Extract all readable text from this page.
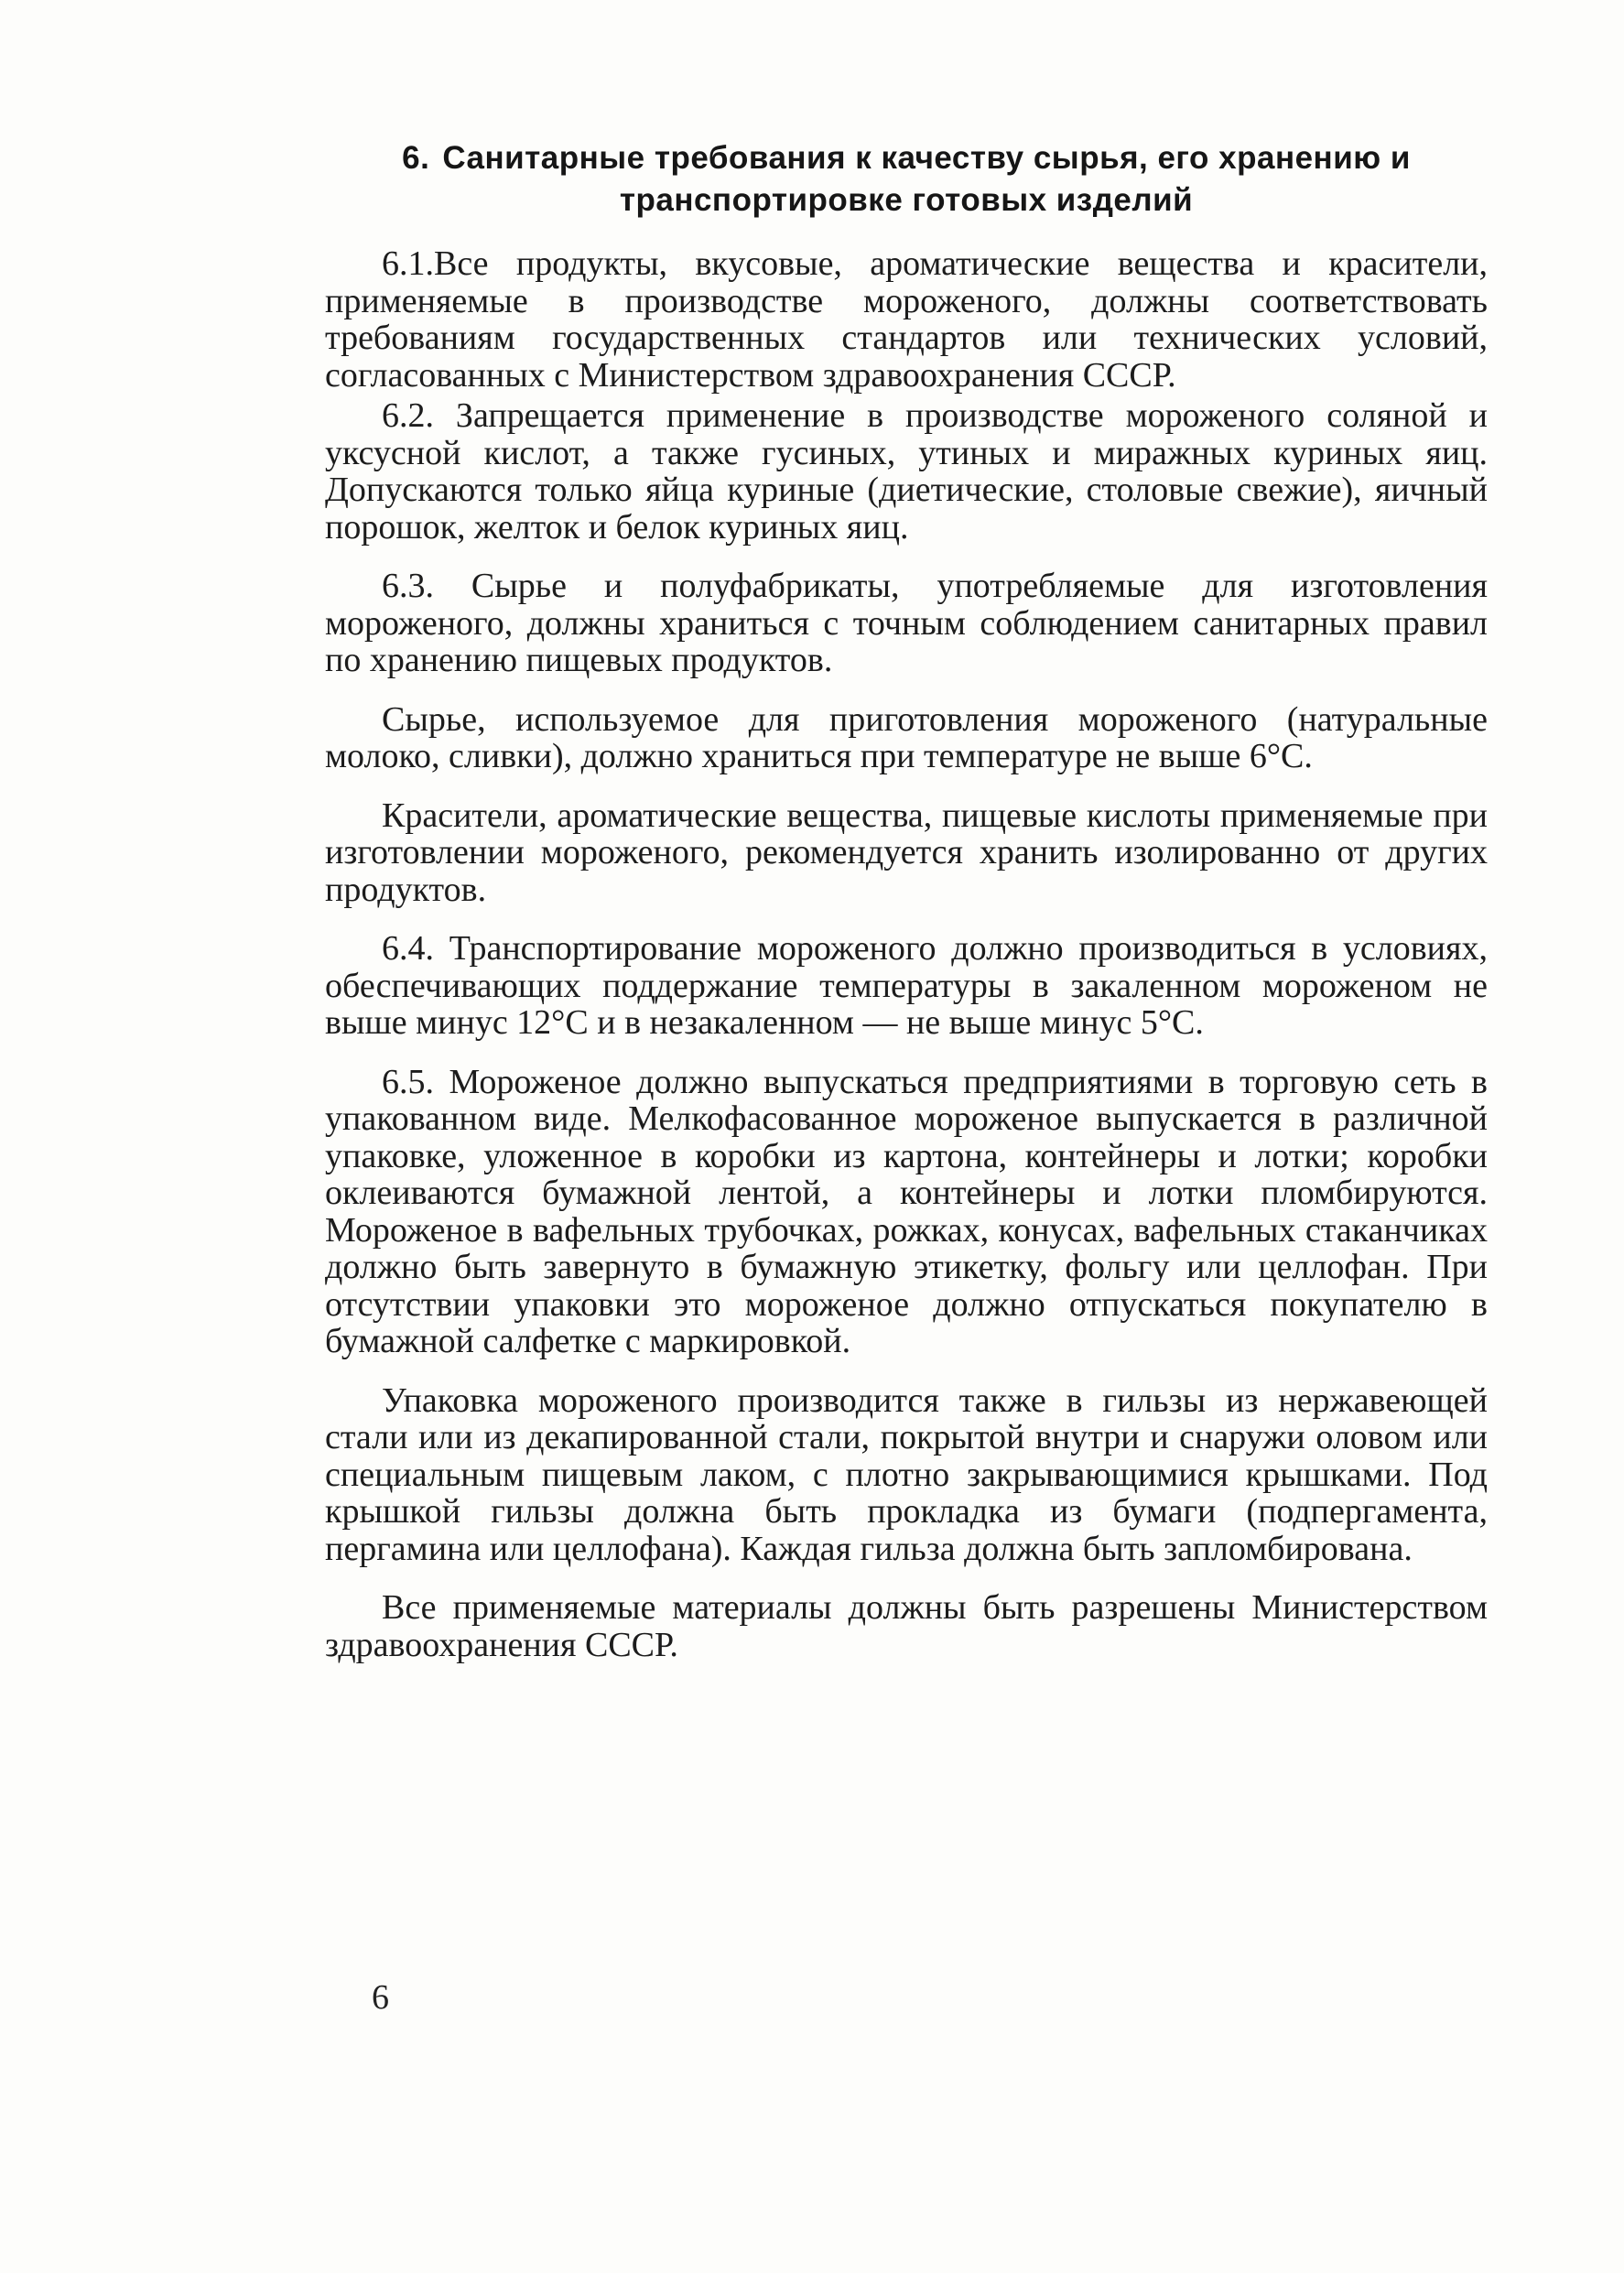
6. Санитарные требования к качеству сырья, его хранению и транспортировке готовых изделий

6.1.Все продукты, вкусовые, ароматические вещества и красители, применяемые в производстве мороженого, должны соответствовать требованиям государственных стандартов или технических условий, согласованных с Министерством здравоохранения СССР.

6.2. Запрещается применение в производстве мороженого соляной и уксусной кислот, а также гусиных, утиных и миражных куриных яиц. Допускаются только яйца куриные (диетические, столовые свежие), яичный порошок, желток и белок куриных яиц.

6.3. Сырье и полуфабрикаты, употребляемые для изготовления мороженого, должны храниться с точным соблюдением санитарных правил по хранению пищевых продуктов.

Сырье, используемое для приготовления мороженого (натуральные молоко, сливки), должно храниться при температуре не выше 6°С.

Красители, ароматические вещества, пищевые кислоты применяемые при изготовлении мороженого, рекомендуется хранить изолированно от других продуктов.

6.4. Транспортирование мороженого должно производиться в условиях, обеспечивающих поддержание температуры в закаленном мороженом не выше минус 12°С и в незакаленном — не выше минус 5°С.

6.5. Мороженое должно выпускаться предприятиями в торговую сеть в упакованном виде. Мелкофасованное мороженое выпускается в различной упаковке, уложенное в коробки из картона, контейнеры и лотки; коробки оклеиваются бумажной лентой, а контейнеры и лотки пломбируются. Мороженое в вафельных трубочках, рожках, конусах, вафельных стаканчиках должно быть завернуто в бумажную этикетку, фольгу или целлофан. При отсутствии упаковки это мороженое должно отпускаться покупателю в бумажной салфетке с маркировкой.

Упаковка мороженого производится также в гильзы из нержавеющей стали или из декапированной стали, покрытой внутри и снаружи оловом или специальным пищевым лаком, с плотно закрывающимися крышками. Под крышкой гильзы должна быть прокладка из бумаги (подпергамента, пергамина или целлофана). Каждая гильза должна быть запломбирована.

Все применяемые материалы должны быть разрешены Министерством здравоохранения СССР.

6
